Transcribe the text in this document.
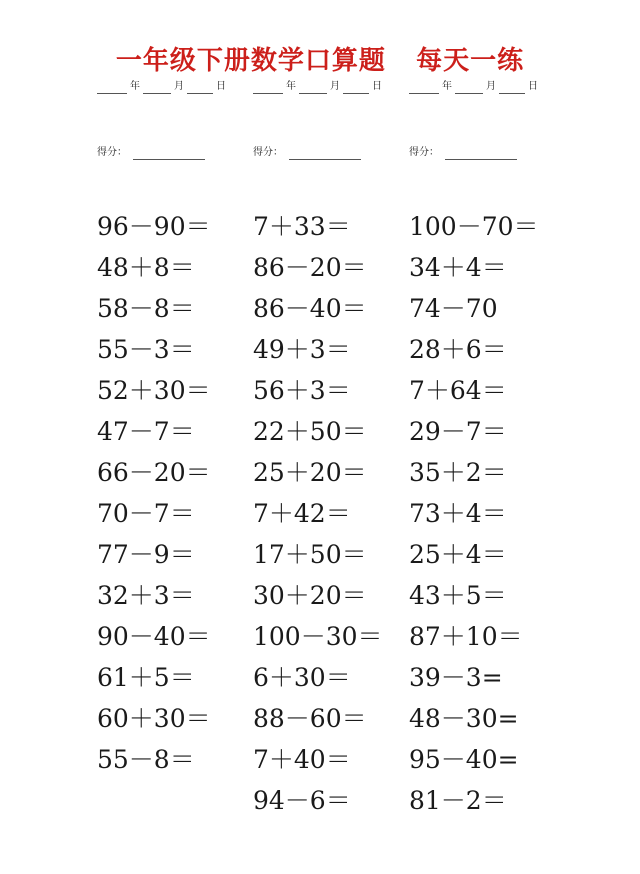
一年级下册数学口算题   每天一练
年	月	日
得分：
96－90＝
48＋8＝
58－8＝
55－3＝
52＋30＝
47－7＝
66－20＝
70－7＝
77－9＝
32＋3＝
90－40＝
61＋5＝
60＋30＝
55－8＝
年	月	日
得分：
7＋33＝
86－20＝
86－40＝
49＋3＝
56＋3＝
22＋50＝
25＋20＝
7＋42＝
17＋50＝
30＋20＝
100－30＝
6＋30＝
88－60＝
7＋40＝
94－6＝
年	月	日
得分：
100－70＝
34＋4＝
74－70
28＋6＝
7＋64＝
29－7＝
35＋2＝
73＋4＝
25＋4＝
43＋5＝
87＋10＝
39－3=
48－30=
95－40=
81－2＝
